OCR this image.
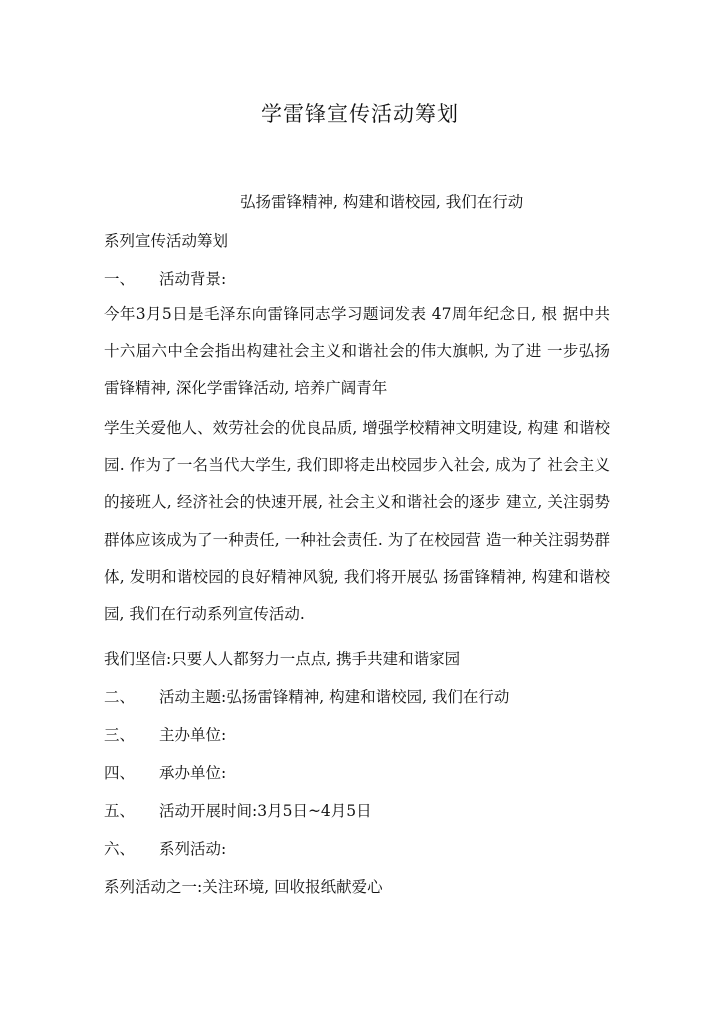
学雷锋宣传活动筹划
弘扬雷锋精神, 构建和谐校园, 我们在行动
系列宣传活动筹划
一、 活动背景:
今年3月5日是毛泽东向雷锋同志学习题词发表 47周年纪念日, 根 据中共十六届六中全会指出构建社会主义和谐社会的伟大旗帜, 为了进 一步弘扬雷锋精神, 深化学雷锋活动, 培养广阔青年
学生关爱他人、效劳社会的优良品质, 增强学校精神文明建设, 构建 和谐校园. 作为了一名当代大学生, 我们即将走出校园步入社会, 成为了 社会主义的接班人, 经济社会的快速开展, 社会主义和谐社会的逐步 建立, 关注弱势群体应该成为了一种责任, 一种社会责任. 为了在校园营 造一种关注弱势群体, 发明和谐校园的良好精神风貌, 我们将开展弘 扬雷锋精神, 构建和谐校园, 我们在行动系列宣传活动.
我们坚信:只要人人都努力一点点, 携手共建和谐家园
二、 活动主题:弘扬雷锋精神, 构建和谐校园, 我们在行动
三、 主办单位:
四、 承办单位:
五、 活动开展时间:3月5日~4月5日
六、 系列活动:
系列活动之一:关注环境, 回收报纸献爱心
